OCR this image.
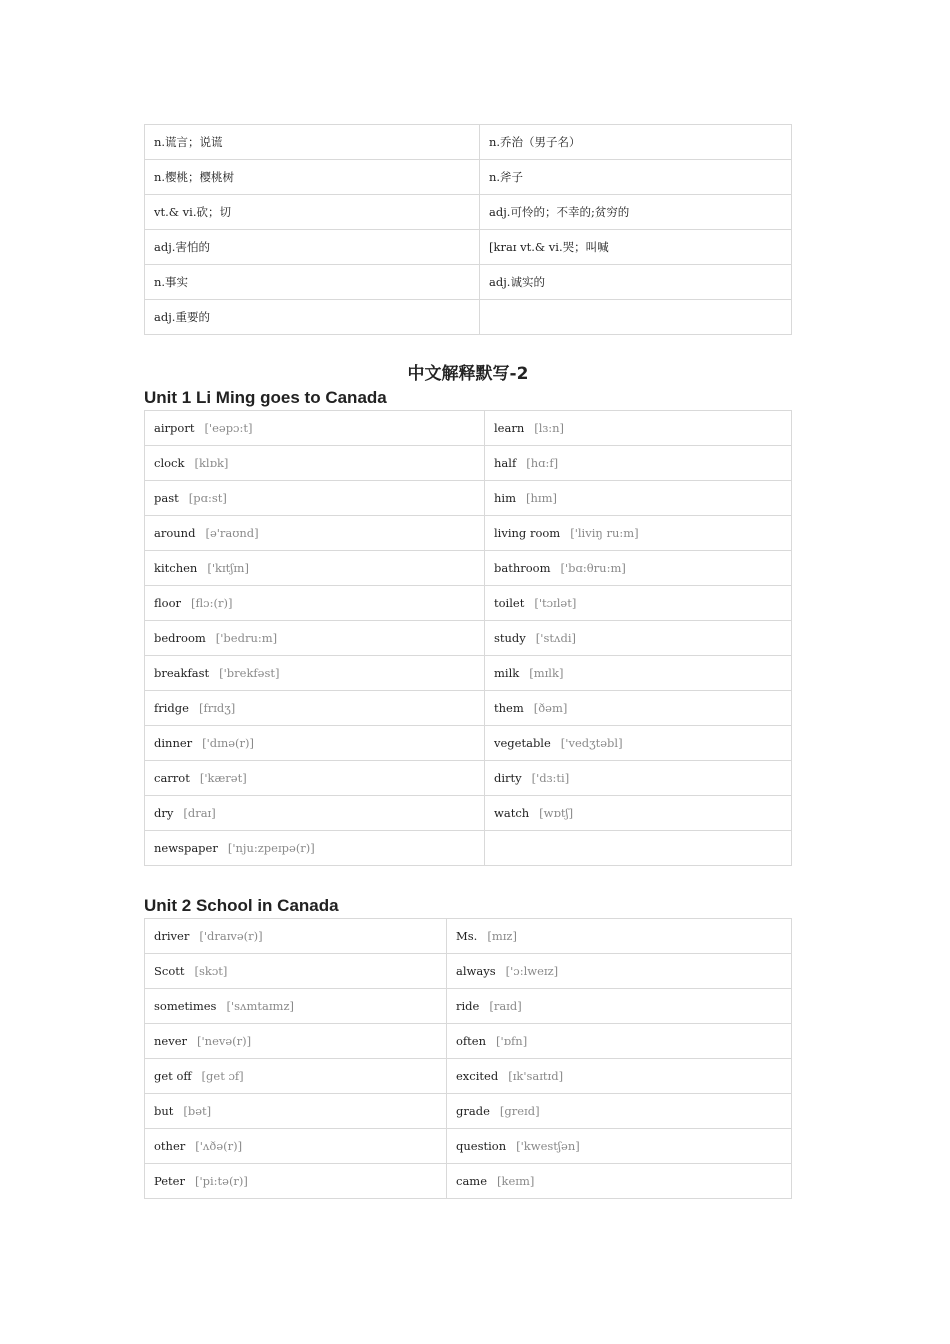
n.谎言；说谎	n.乔治（男子名）
n.樱桃；樱桃树	n.斧子
vt.& vi.砍；切	adj.可怜的；不幸的;贫穷的
adj.害怕的	[kraɪ vt.& vi.哭；叫喊
n.事实	adj.诚实的
adj.重要的	
中文解释默写-2
Unit 1 Li Ming goes to Canada
airport ['eəpɔ:t]	learn [lɜ:n]
clock [klɒk]	half [hɑ:f]
past [pɑ:st]	him [hɪm]
around [ə'raʊnd]	living room ['liviŋ ru:m]
kitchen ['kɪtʃɪn]	bathroom ['bɑ:θru:m]
floor [flɔ:(r)]	toilet ['tɔɪlət]
bedroom ['bedru:m]	study ['stʌdi]
breakfast ['brekfəst]	milk [mɪlk]
fridge [frɪdʒ]	them [ðəm]
dinner ['dɪnə(r)]	vegetable ['vedʒtəbl]
carrot ['kærət]	dirty ['dɜ:ti]
dry [draɪ]	watch [wɒtʃ]
newspaper ['nju:zpeɪpə(r)]	
Unit 2 School in Canada
driver ['draɪvə(r)]	Ms. [mɪz]
Scott [skɔt]	always ['ɔ:lweɪz]
sometimes ['sʌmtaɪmz]	ride [raɪd]
never ['nevə(r)]	often ['ɒfn]
get off [get ɔf]	excited [ɪk'saɪtɪd]
but [bət]	grade [greɪd]
other ['ʌðə(r)]	question ['kwestʃən]
Peter ['pi:tə(r)]	came [keɪm]
